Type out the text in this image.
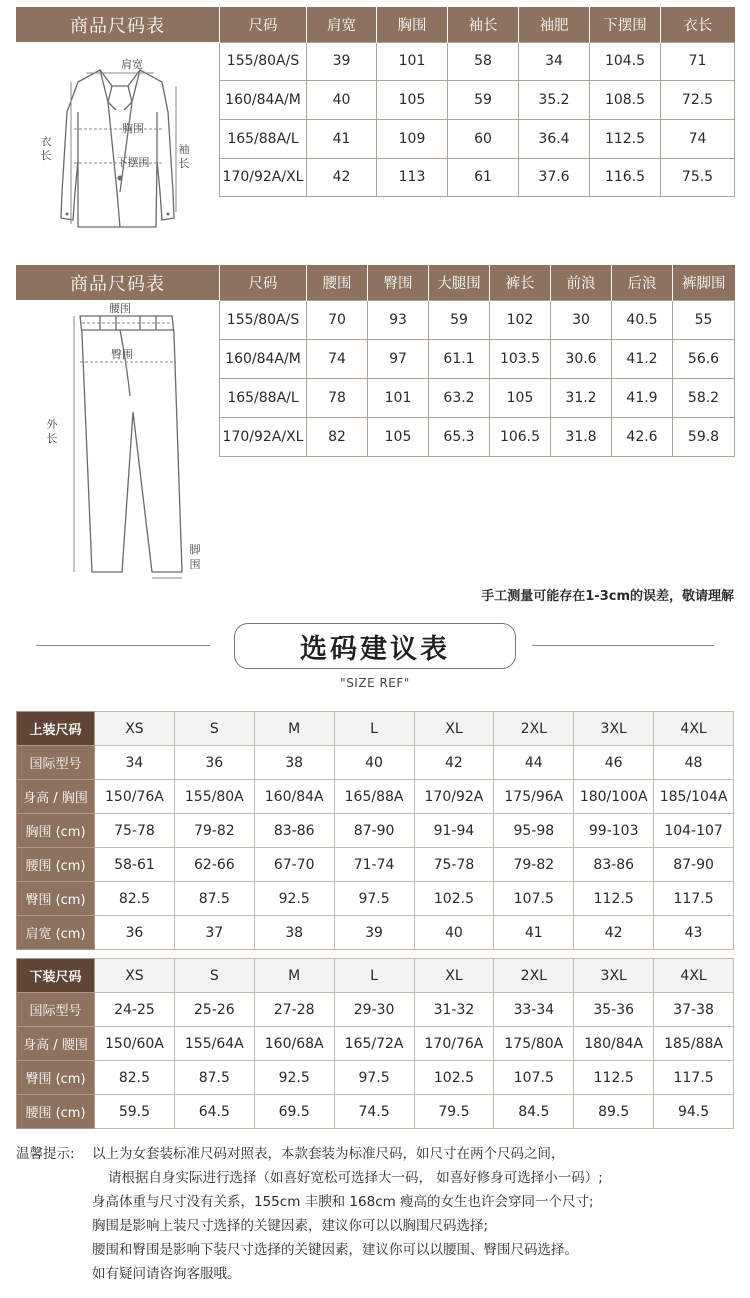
商品尺码表
肩宽
胸围
下摆围
衣
长	袖
长
尺码	肩宽	胸围	袖长	袖肥	下摆围	衣长
155/80A/S	39	101	58	34	104.5	71
160/84A/M	40	105	59	35.2	108.5	72.5
165/88A/L	41	109	60	36.4	112.5	74
170/92A/XL	42	113	61	37.6	116.5	75.5
商品尺码表
腰围
臀围
外
长
脚
围
尺码	腰围	臀围	大腿围	裤长	前浪	后浪	裤脚围
155/80A/S	70	93	59	102	30	40.5	55
160/84A/M	74	97	61.1	103.5	30.6	41.2	56.6
165/88A/L	78	101	63.2	105	31.2	41.9	58.2
170/92A/XL	82	105	65.3	106.5	31.8	42.6	59.8
手工测量可能存在1-3cm的误差，敬请理解
选码建议表
"SIZE REF"
上装尺码	XS	S	M	L	XL	2XL	3XL	4XL
国际型号	34	36	38	40	42	44	46	48
身高 / 胸围	150/76A	155/80A	160/84A	165/88A	170/92A	175/96A	180/100A	185/104A
胸围 (cm)	75-78	79-82	83-86	87-90	91-94	95-98	99-103	104-107
腰围 (cm)	58-61	62-66	67-70	71-74	75-78	79-82	83-86	87-90
臀围 (cm)	82.5	87.5	92.5	97.5	102.5	107.5	112.5	117.5
肩宽 (cm)	36	37	38	39	40	41	42	43
下装尺码	XS	S	M	L	XL	2XL	3XL	4XL
国际型号	24-25	25-26	27-28	29-30	31-32	33-34	35-36	37-38
身高 / 腰围	150/60A	155/64A	160/68A	165/72A	170/76A	175/80A	180/84A	185/88A
臀围 (cm)	82.5	87.5	92.5	97.5	102.5	107.5	112.5	117.5
腰围 (cm)	59.5	64.5	69.5	74.5	79.5	84.5	89.5	94.5
温馨提示: 以上为女套装标准尺码对照表，本款套装为标准尺码，如尺寸在两个尺码之间，
请根据自身实际进行选择（如喜好宽松可选择大一码， 如喜好修身可选择小一码）;
身高体重与尺寸没有关系，155cm 丰腴和 168cm 瘦高的女生也许会穿同一个尺寸;
胸围是影响上装尺寸选择的关键因素，建议你可以以胸围尺码选择;
腰围和臀围是影响下装尺寸选择的关键因素，建议你可以以腰围、臀围尺码选择。
如有疑问请咨询客服哦。
